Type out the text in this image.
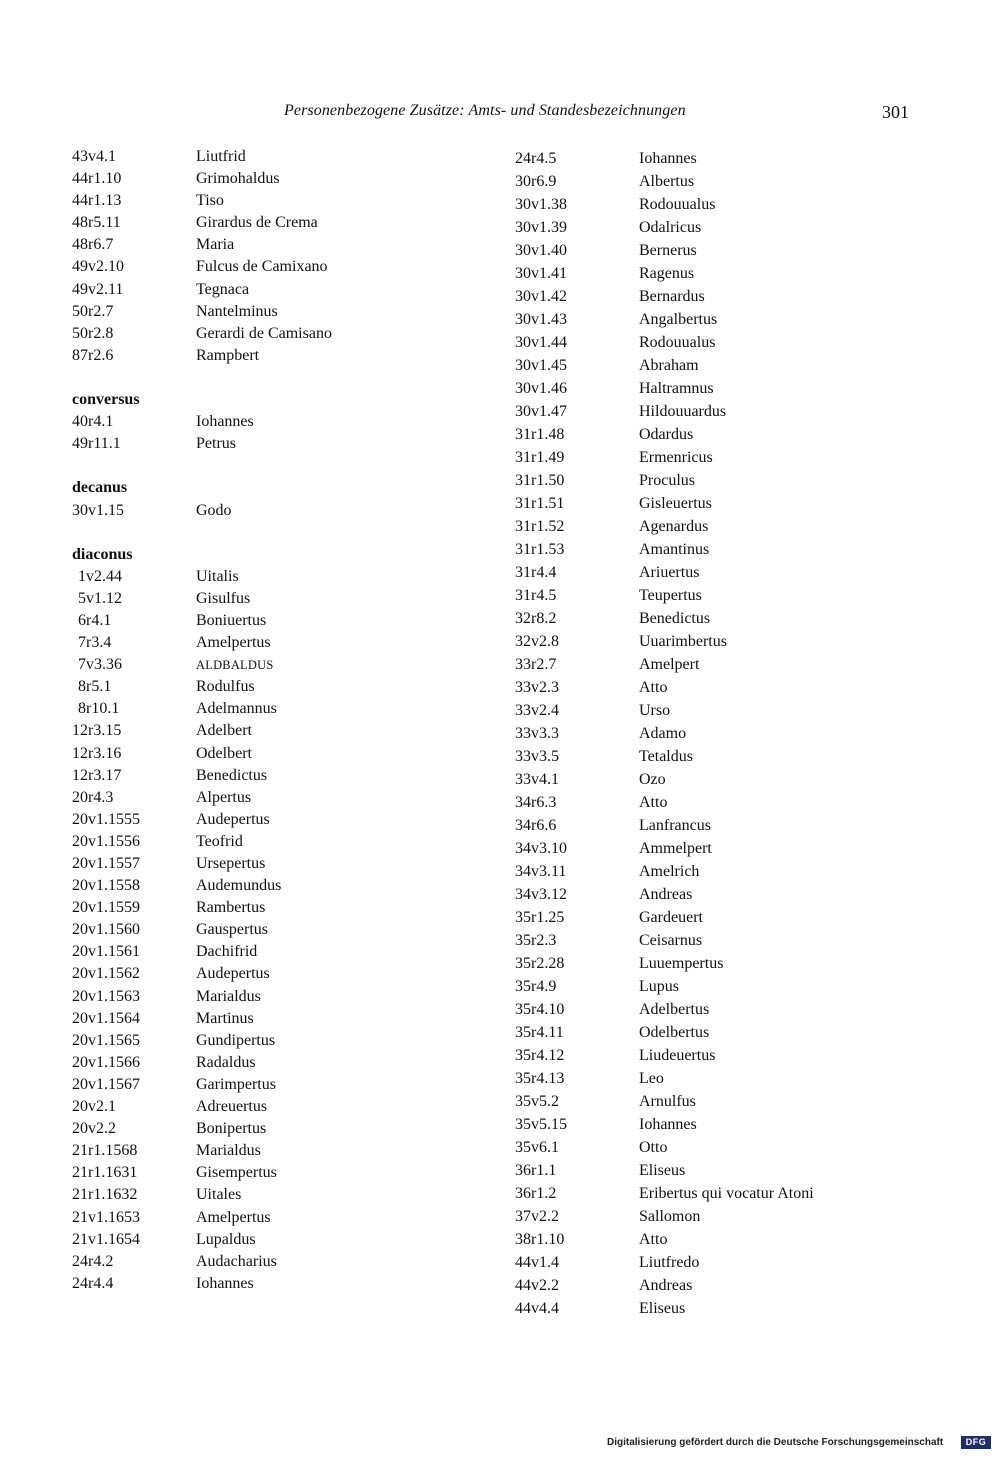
Personenbezogene Zusätze: Amts- und Standesbezeichnungen	301
43v4.1	Liutfrid
44r1.10	Grimohaldus
44r1.13	Tiso
48r5.11	Girardus de Crema
48r6.7	Maria
49v2.10	Fulcus de Camixano
49v2.11	Tegnaca
50r2.7	Nantelminus
50r2.8	Gerardi de Camisano
87r2.6	Rampbert
conversus
40r4.1	Iohannes
49r11.1	Petrus
decanus
30v1.15	Godo
diaconus
1v2.44	Uitalis
5v1.12	Gisulfus
6r4.1	Boniuertus
7r3.4	Amelpertus
7v3.36	ALDBALDUS
8r5.1	Rodulfus
8r10.1	Adelmannus
12r3.15	Adelbert
12r3.16	Odelbert
12r3.17	Benedictus
20r4.3	Alpertus
20v1.1555	Audepertus
20v1.1556	Teofrid
20v1.1557	Ursepertus
20v1.1558	Audemundus
20v1.1559	Rambertus
20v1.1560	Gauspertus
20v1.1561	Dachifrid
20v1.1562	Audepertus
20v1.1563	Marialdus
20v1.1564	Martinus
20v1.1565	Gundipertus
20v1.1566	Radaldus
20v1.1567	Garimpertus
20v2.1	Adreuertus
20v2.2	Bonipertus
21r1.1568	Marialdus
21r1.1631	Gisempertus
21r1.1632	Uitales
21v1.1653	Amelpertus
21v1.1654	Lupaldus
24r4.2	Audacharius
24r4.4	Iohannes
24r4.5	Iohannes
30r6.9	Albertus
30v1.38	Rodouualus
30v1.39	Odalricus
30v1.40	Bernerus
30v1.41	Ragenus
30v1.42	Bernardus
30v1.43	Angalbertus
30v1.44	Rodouualus
30v1.45	Abraham
30v1.46	Haltramnus
30v1.47	Hildouuardus
31r1.48	Odardus
31r1.49	Ermenricus
31r1.50	Proculus
31r1.51	Gisleuertus
31r1.52	Agenardus
31r1.53	Amantinus
31r4.4	Ariuertus
31r4.5	Teupertus
32r8.2	Benedictus
32v2.8	Uuarimbertus
33r2.7	Amelpert
33v2.3	Atto
33v2.4	Urso
33v3.3	Adamo
33v3.5	Tetaldus
33v4.1	Ozo
34r6.3	Atto
34r6.6	Lanfrancus
34v3.10	Ammelpert
34v3.11	Amelrich
34v3.12	Andreas
35r1.25	Gardeuert
35r2.3	Ceisarnus
35r2.28	Luuempertus
35r4.9	Lupus
35r4.10	Adelbertus
35r4.11	Odelbertus
35r4.12	Liudeuertus
35r4.13	Leo
35v5.2	Arnulfus
35v5.15	Iohannes
35v6.1	Otto
36r1.1	Eliseus
36r1.2	Eribertus qui vocatur Atoni
37v2.2	Sallomon
38r1.10	Atto
44v1.4	Liutfredo
44v2.2	Andreas
44v4.4	Eliseus
Digitalisierung gefördert durch die Deutsche Forschungsgemeinschaft	DFG
